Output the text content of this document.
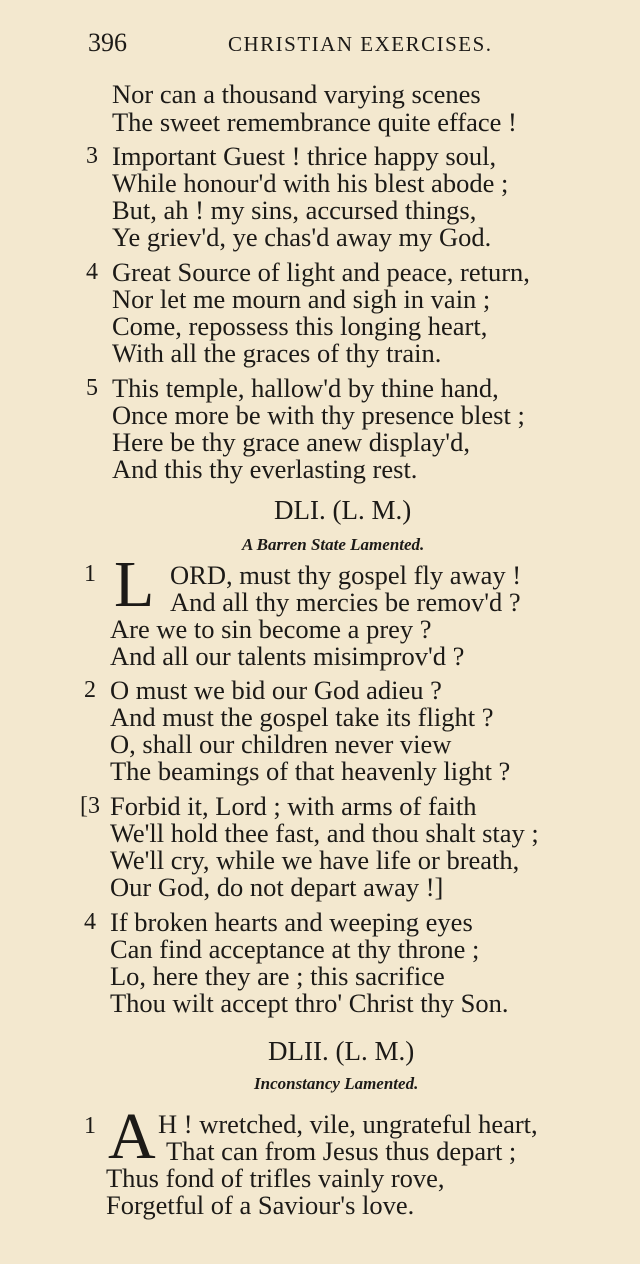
396	CHRISTIAN EXERCISES.
Nor can a thousand varying scenes
The sweet remembrance quite efface !
3 Important Guest ! thrice happy soul,
While honour'd with his blest abode ;
But, ah ! my sins, accursed things,
Ye griev'd, ye chas'd away my God.
4 Great Source of light and peace, return,
Nor let me mourn and sigh in vain ;
Come, repossess this longing heart,
With all the graces of thy train.
5 This temple, hallow'd by thine hand,
Once more be with thy presence blest ;
Here be thy grace anew display'd,
And this thy everlasting rest.
DLI. (L. M.)
A Barren State Lamented.
1 L ORD, must thy gospel fly away !
And all thy mercies be remov'd ?
Are we to sin become a prey ?
And all our talents misimprov'd ?
2 O must we bid our God adieu ?
And must the gospel take its flight ?
O, shall our children never view
The beamings of that heavenly light ?
[3 Forbid it, Lord ; with arms of faith
We'll hold thee fast, and thou shalt stay ;
We'll cry, while we have life or breath,
Our God, do not depart away !]
4 If broken hearts and weeping eyes
Can find acceptance at thy throne ;
Lo, here they are ; this sacrifice
Thou wilt accept thro' Christ thy Son.
DLII. (L. M.)
Inconstancy Lamented.
1 A H ! wretched, vile, ungrateful heart,
That can from Jesus thus depart ;
Thus fond of trifles vainly rove,
Forgetful of a Saviour's love.
